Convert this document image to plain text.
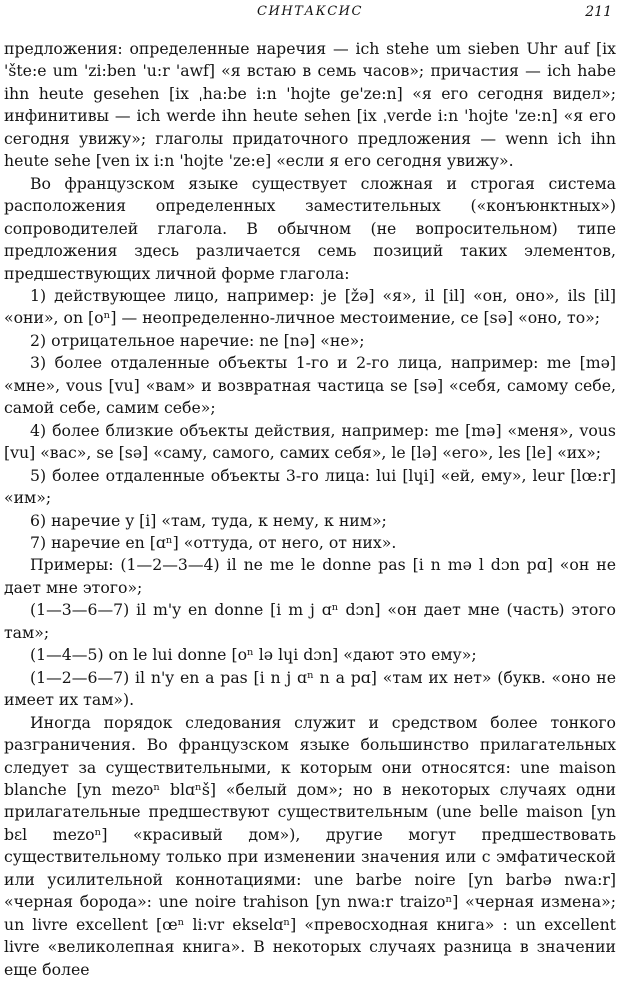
СИНТАКСИС	211

предложения: определенные наречия — ich stehe um sieben Uhr auf [ix 'šte:e um 'zi:ben 'u:r 'awf] «я встаю в семь часов»; причастия — ich habe ihn heute gesehen [ix ˌha:be i:n 'hojte ge'ze:n] «я его сегодня видел»; инфинитивы — ich werde ihn heute sehen [ix ˌverde i:n 'hojte 'ze:n] «я его сегодня увижу»; глаголы придаточного предложения — wenn ich ihn heute sehe [ven ix i:n 'hojte 'ze:e] «если я его сегодня увижу».

Во французском языке существует сложная и строгая система расположения определенных заместительных («конъюнктных») сопроводителей глагола. В обычном (не вопросительном) типе предложения здесь различается семь позиций таких элементов, предшествующих личной форме глагола:

1) действующее лицо, например: je [žə] «я», il [il] «он, оно», ils [il] «они», on [oⁿ] — неопределенно-личное местоимение, ce [sə] «оно, то»;

2) отрицательное наречие: ne [nə] «не»;

3) более отдаленные объекты 1-го и 2-го лица, например: me [mə] «мне», vous [vu] «вам» и возвратная частица se [sə] «себя, самому себе, самой себе, самим себе»;

4) более близкие объекты действия, например: me [mə] «меня», vous [vu] «вас», se [sə] «саму, самого, самих себя», le [lə] «его», les [le] «их»;

5) более отдаленные объекты 3-го лица: lui [lɥi] «ей, ему», leur [lœ:r] «им»;

6) наречие y [i] «там, туда, к нему, к ним»;

7) наречие en [ɑⁿ] «оттуда, от него, от них».

Примеры: (1—2—3—4) il ne me le donne pas [i n mə l dɔn pɑ] «он не дает мне этого»;

(1—3—6—7) il m'y en donne [i m j ɑⁿ dɔn] «он дает мне (часть) этого там»;

(1—4—5) on le lui donne [oⁿ lə lɥi dɔn] «дают это ему»;

(1—2—6—7) il n'y en a pas [i n j ɑⁿ n a pɑ] «там их нет» (букв. «оно не имеет их там»).

Иногда порядок следования служит и средством более тонкого разграничения. Во французском языке большинство прилагательных следует за существительными, к которым они относятся: une maison blanche [yn mezoⁿ blɑⁿš] «белый дом»; но в некоторых случаях одни прилагательные предшествуют существительным (une belle maison [yn bɛl mezoⁿ] «красивый дом»), другие могут предшествовать существительному только при изменении значения или с эмфатической или усилительной коннотациями: une barbe noire [yn barbə nwa:r] «черная борода»: une noire trahison [yn nwa:r traizoⁿ] «черная измена»; un livre excellent [œⁿ li:vr ekselɑⁿ] «превосходная книга» : un excellent livre «великолепная книга». В некоторых случаях разница в значении еще более
